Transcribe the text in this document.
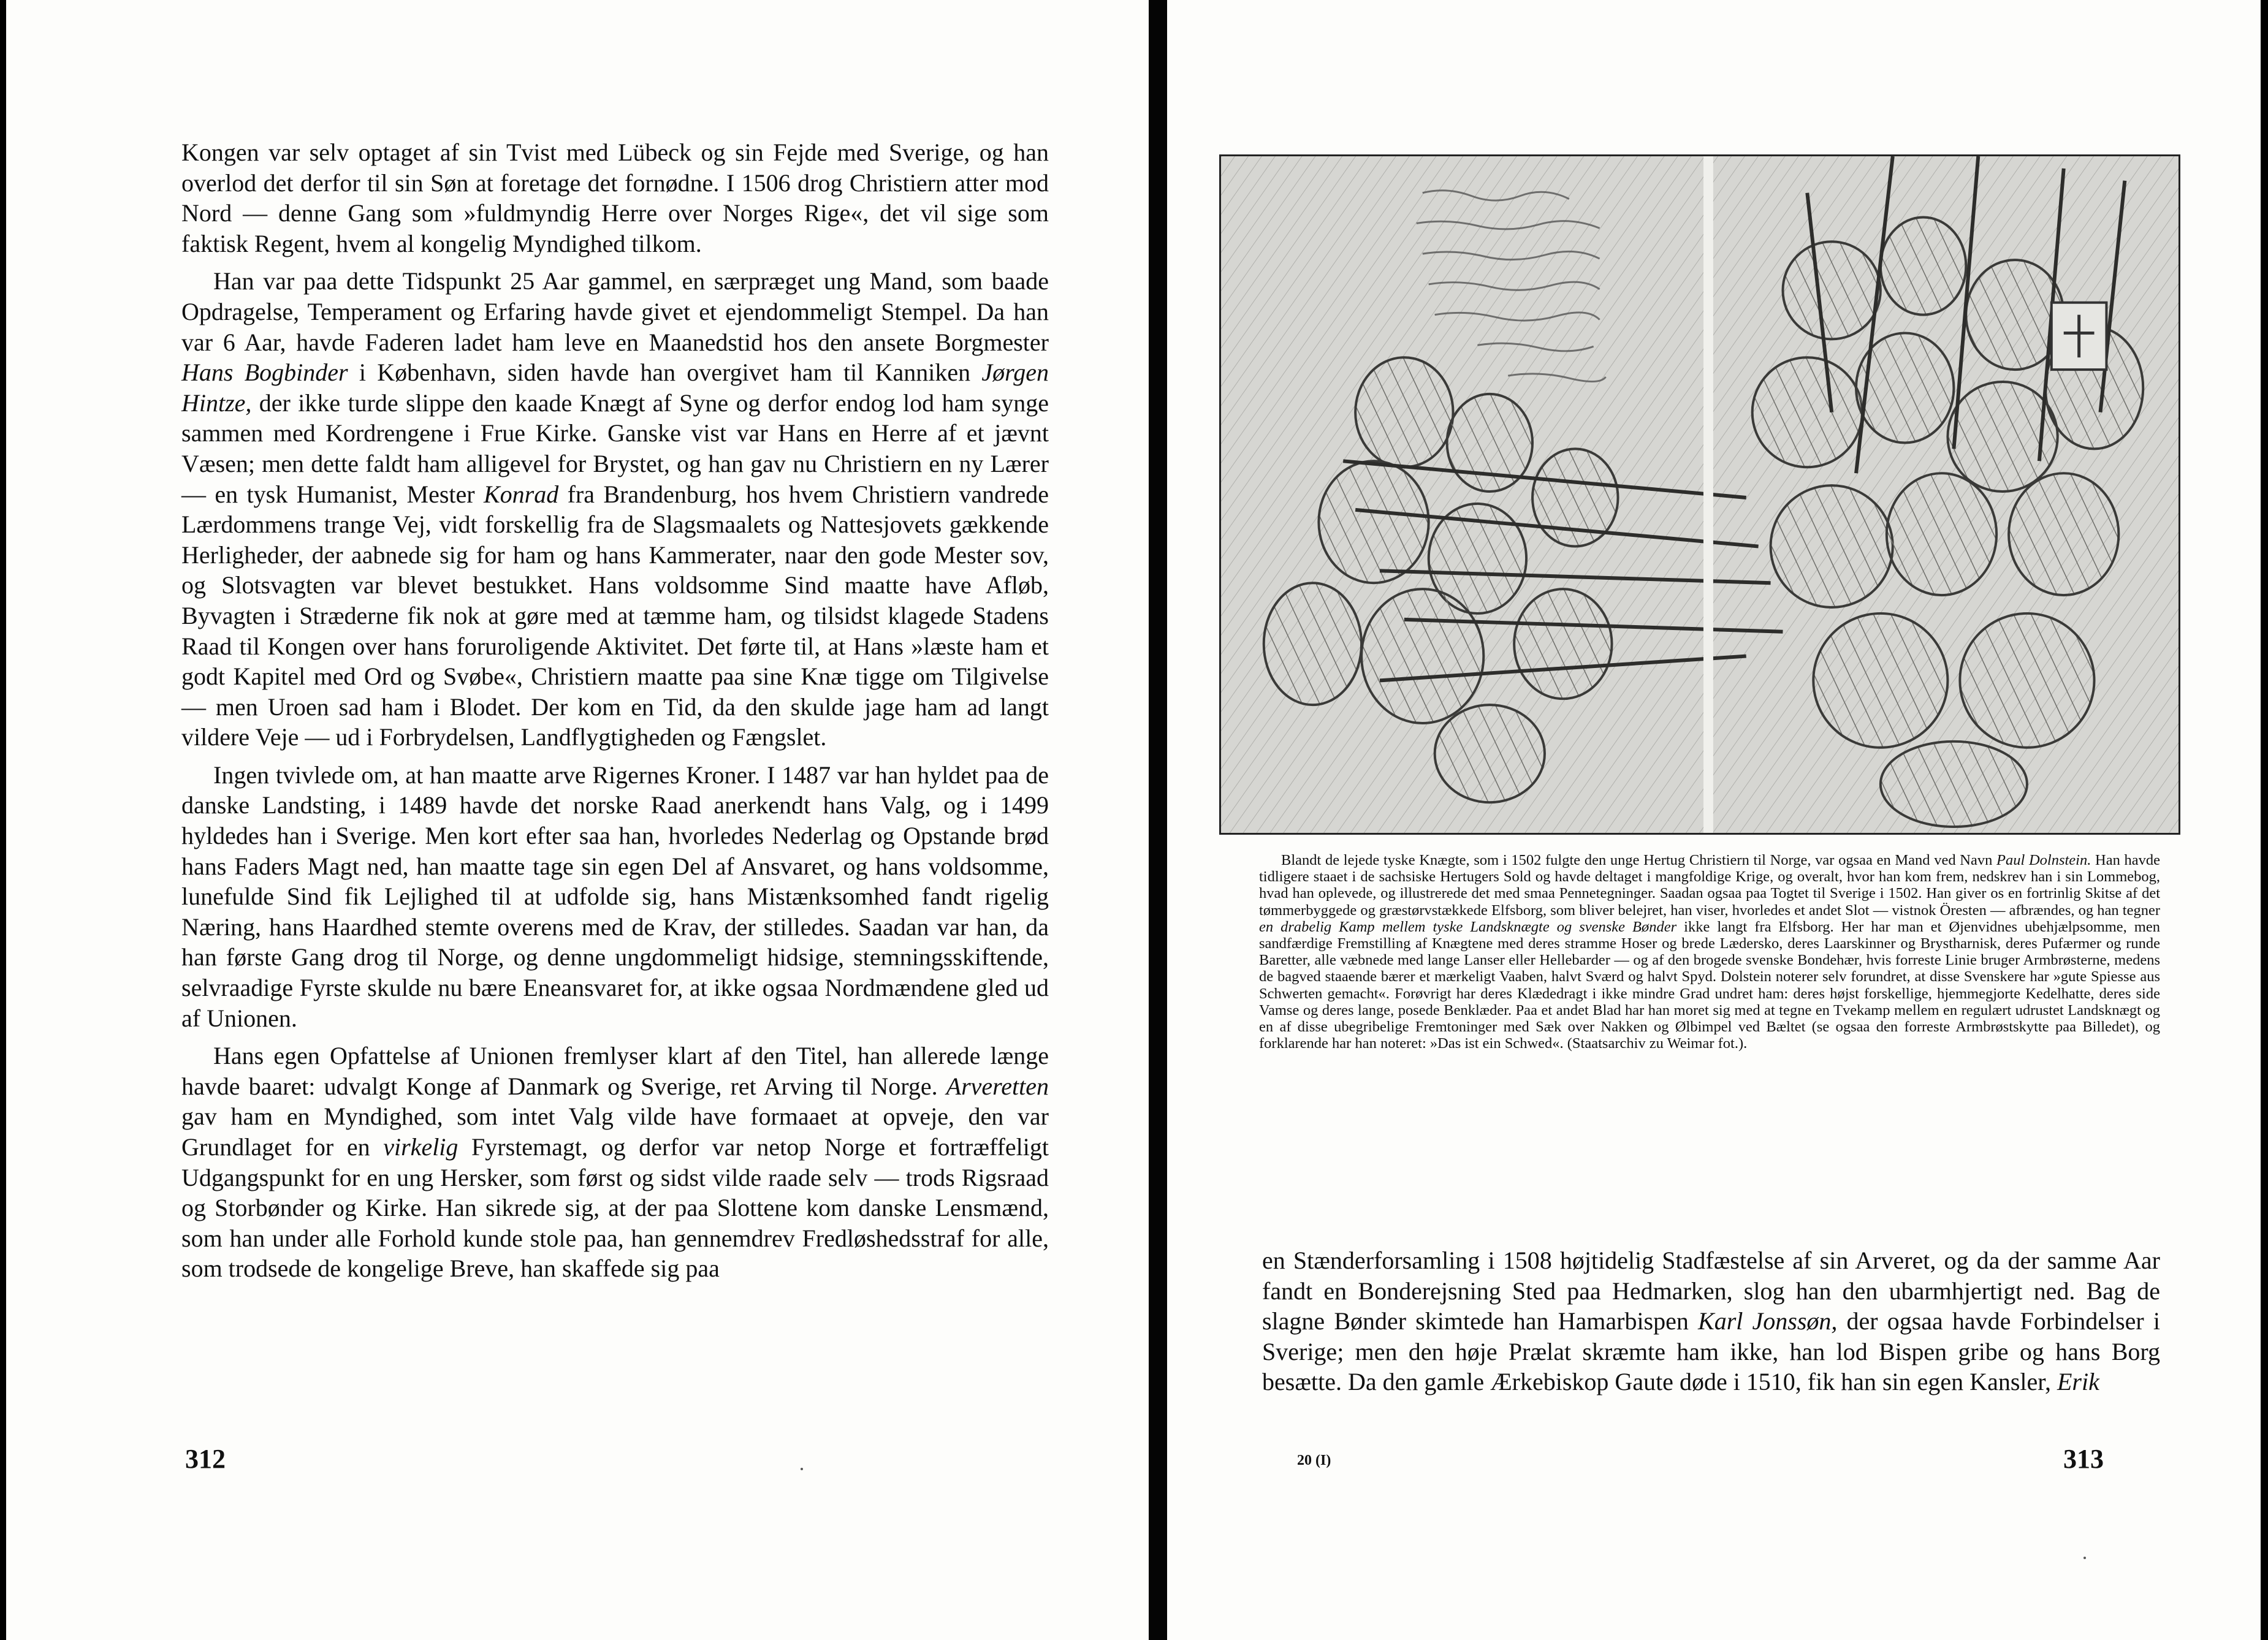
Kongen var selv optaget af sin Tvist med Lübeck og sin Fejde med Sverige, og han overlod det derfor til sin Søn at foretage det fornødne. I 1506 drog Christiern atter mod Nord — denne Gang som »fuldmyndig Herre over Norges Rige«, det vil sige som faktisk Regent, hvem al kongelig Myndighed tilkom.

Han var paa dette Tidspunkt 25 Aar gammel, en særpræget ung Mand, som baade Opdragelse, Temperament og Erfaring havde givet et ejendommeligt Stempel. Da han var 6 Aar, havde Faderen ladet ham leve en Maanedstid hos den ansete Borgmester Hans Bogbinder i København, siden havde han overgivet ham til Kanniken Jørgen Hintze, der ikke turde slippe den kaade Knægt af Syne og derfor endog lod ham synge sammen med Kordrengene i Frue Kirke. Ganske vist var Hans en Herre af et jævnt Væsen; men dette faldt ham alligevel for Brystet, og han gav nu Christiern en ny Lærer — en tysk Humanist, Mester Konrad fra Brandenburg, hos hvem Christiern vandrede Lærdommens trange Vej, vidt forskellig fra de Slagsmaalets og Nattesjovets gækkende Herligheder, der aabnede sig for ham og hans Kammerater, naar den gode Mester sov, og Slotsvagten var blevet bestukket. Hans voldsomme Sind maatte have Afløb, Byvagten i Stræderne fik nok at gøre med at tæmme ham, og tilsidst klagede Stadens Raad til Kongen over hans foruroligende Aktivitet. Det førte til, at Hans »læste ham et godt Kapitel med Ord og Svøbe«, Christiern maatte paa sine Knæ tigge om Tilgivelse — men Uroen sad ham i Blodet. Der kom en Tid, da den skulde jage ham ad langt vildere Veje — ud i Forbrydelsen, Landflygtigheden og Fængslet.

Ingen tvivlede om, at han maatte arve Rigernes Kroner. I 1487 var han hyldet paa de danske Landsting, i 1489 havde det norske Raad anerkendt hans Valg, og i 1499 hyldedes han i Sverige. Men kort efter saa han, hvorledes Nederlag og Opstande brød hans Faders Magt ned, han maatte tage sin egen Del af Ansvaret, og hans voldsomme, lunefulde Sind fik Lejlighed til at udfolde sig, hans Mistænksomhed fandt rigelig Næring, hans Haardhed stemte overens med de Krav, der stilledes. Saadan var han, da han første Gang drog til Norge, og denne ungdommeligt hidsige, stemningsskiftende, selvraadige Fyrste skulde nu bære Eneansvaret for, at ikke ogsaa Nordmændene gled ud af Unionen.

Hans egen Opfattelse af Unionen fremlyser klart af den Titel, han allerede længe havde baaret: udvalgt Konge af Danmark og Sverige, ret Arving til Norge. Arveretten gav ham en Myndighed, som intet Valg vilde have formaaet at opveje, den var Grundlaget for en virkelig Fyrstemagt, og derfor var netop Norge et fortræffeligt Udgangspunkt for en ung Hersker, som først og sidst vilde raade selv — trods Rigsraad og Storbønder og Kirke. Han sikrede sig, at der paa Slottene kom danske Lensmænd, som han under alle Forhold kunde stole paa, han gennemdrev Fredløshedsstraf for alle, som trodsede de kongelige Breve, han skaffede sig paa

312
Blandt de lejede tyske Knægte, som i 1502 fulgte den unge Hertug Christiern til Norge, var ogsaa en Mand ved Navn Paul Dolnstein. Han havde tidligere staaet i de sachsiske Hertugers Sold og havde deltaget i mangfoldige Krige, og overalt, hvor han kom frem, nedskrev han i sin Lommebog, hvad han oplevede, og illustrerede det med smaa Pennetegninger. Saadan ogsaa paa Togtet til Sverige i 1502. Han giver os en fortrinlig Skitse af det tømmerbyggede og græstørvstækkede Elfsborg, som bliver belejret, han viser, hvorledes et andet Slot — vistnok Öresten — afbrændes, og han tegner en drabelig Kamp mellem tyske Landsknægte og svenske Bønder ikke langt fra Elfsborg. Her har man et Øjenvidnes ubehjælpsomme, men sandfærdige Fremstilling af Knægtene med deres stramme Hoser og brede Lædersko, deres Laarskinner og Brystharnisk, deres Pufærmer og runde Baretter, alle væbnede med lange Lanser eller Hellebarder — og af den brogede svenske Bondehær, hvis forreste Linie bruger Armbrøsterne, medens de bagved staaende bærer et mærkeligt Vaaben, halvt Sværd og halvt Spyd. Dolstein noterer selv forundret, at disse Svenskere har »gute Spiesse aus Schwerten gemacht«. Forøvrigt har deres Klædedragt i ikke mindre Grad undret ham: deres højst forskellige, hjemmegjorte Kedelhatte, deres side Vamse og deres lange, posede Benklæder. Paa et andet Blad har han moret sig med at tegne en Tvekamp mellem en regulært udrustet Landsknægt og en af disse ubegribelige Fremtoninger med Sæk over Nakken og Ølbimpel ved Bæltet (se ogsaa den forreste Armbrøstskytte paa Billedet), og forklarende har han noteret: »Das ist ein Schwed«. (Staatsarchiv zu Weimar fot.).

en Stænderforsamling i 1508 højtidelig Stadfæstelse af sin Arveret, og da der samme Aar fandt en Bonderejsning Sted paa Hedmarken, slog han den ubarmhjertigt ned. Bag de slagne Bønder skimtede han Hamarbispen Karl Jonssøn, der ogsaa havde Forbindelser i Sverige; men den høje Prælat skræmte ham ikke, han lod Bispen gribe og hans Borg besætte. Da den gamle Ærkebiskop Gaute døde i 1510, fik han sin egen Kansler, Erik

20 (I)	313
